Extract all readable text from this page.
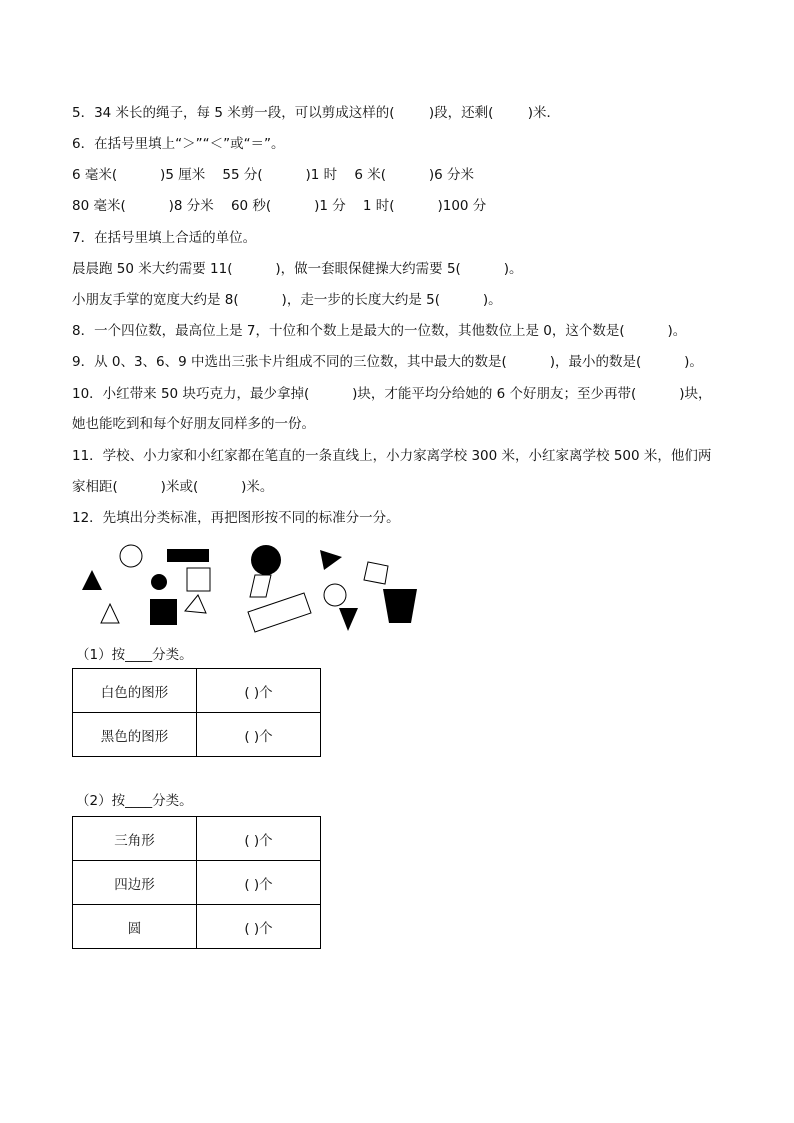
5．34 米长的绳子，每 5 米剪一段，可以剪成这样的(        )段，还剩(        )米．
6．在括号里填上“＞”“＜”或“＝”。
6 毫米(          )5 厘米    55 分(          )1 时    6 米(          )6 分米
80 毫米(          )8 分米    60 秒(          )1 分    1 时(          )100 分
7．在括号里填上合适的单位。
晨晨跑 50 米大约需要 11(          )，做一套眼保健操大约需要 5(          )。
小朋友手掌的宽度大约是 8(          )，走一步的长度大约是 5(          )。
8．一个四位数，最高位上是 7，十位和个数上是最大的一位数，其他数位上是 0，这个数是(          )。
9．从 0、3、6、9 中选出三张卡片组成不同的三位数，其中最大的数是(          )，最小的数是(          )。
10．小红带来 50 块巧克力，最少拿掉(          )块，才能平均分给她的 6 个好朋友；至少再带(          )块，
她也能吃到和每个好朋友同样多的一份。
11．学校、小力家和小红家都在笔直的一条直线上，小力家离学校 300 米，小红家离学校 500 米，他们两
家相距(          )米或(          )米。
12．先填出分类标准，再把图形按不同的标准分一分。
（1）按____分类。
白色的图形	( )个
黑色的图形	( )个
（2）按____分类。
三角形	( )个
四边形	( )个
圆	( )个
